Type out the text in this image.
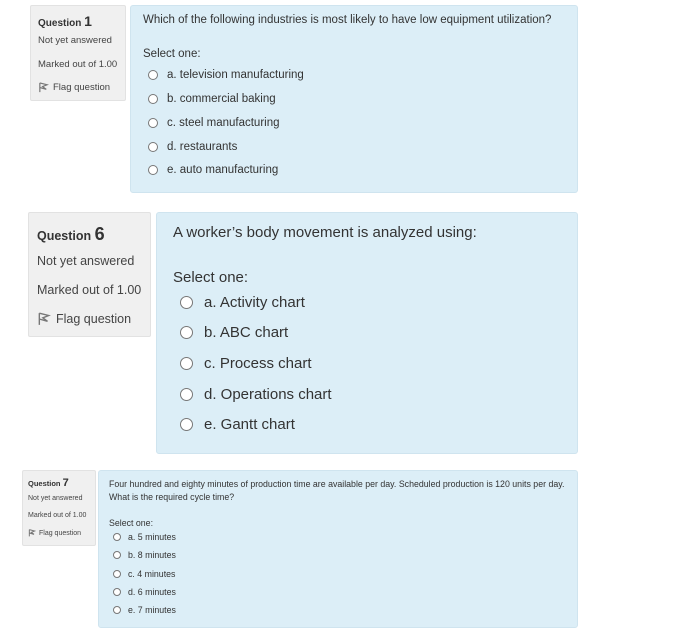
Question 1
Not yet answered
Marked out of 1.00
Flag question
Which of the following industries is most likely to have low equipment utilization?
Select one:
a. television manufacturing
b. commercial baking
c. steel manufacturing
d. restaurants
e. auto manufacturing
Question 6
Not yet answered
Marked out of 1.00
Flag question
A worker’s body movement is analyzed using:
Select one:
a. Activity chart
b. ABC chart
c. Process chart
d. Operations chart
e. Gantt chart
Question 7
Not yet answered
Marked out of 1.00
Flag question
Four hundred and eighty minutes of production time are available per day. Scheduled production is 120 units per day. What is the required cycle time?
Select one:
a. 5 minutes
b. 8 minutes
c. 4 minutes
d. 6 minutes
e. 7 minutes
